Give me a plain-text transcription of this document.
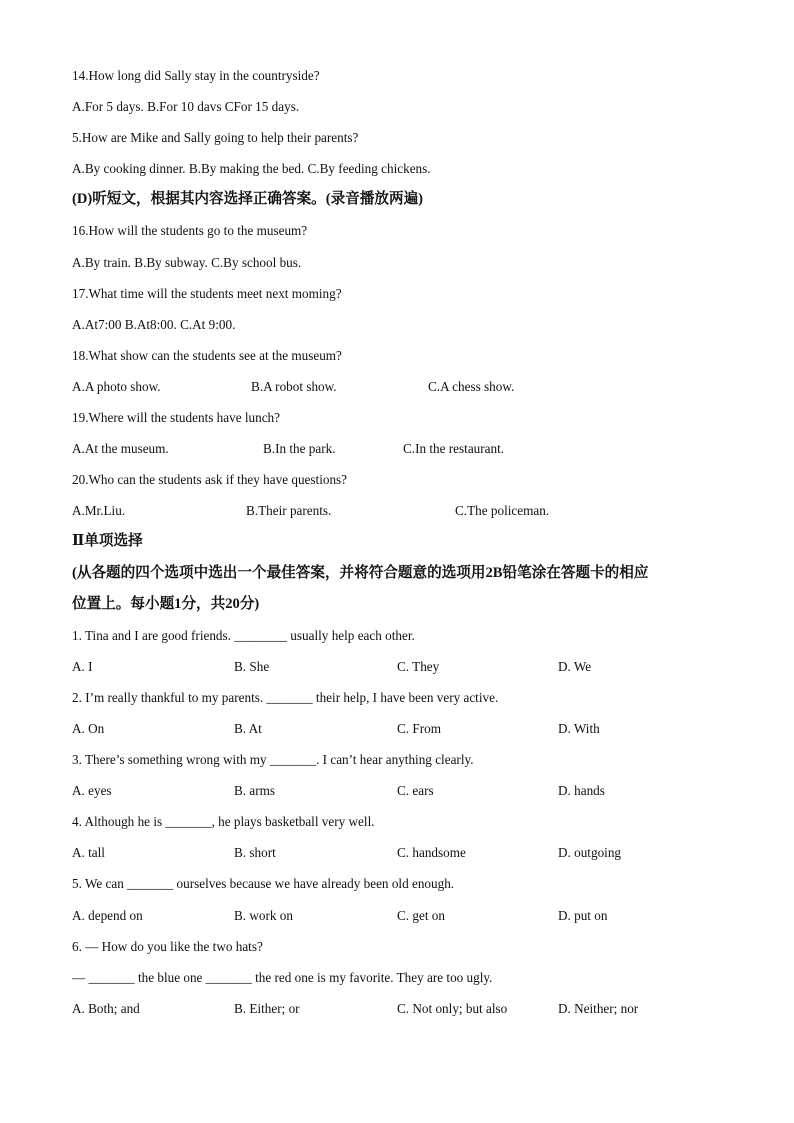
14.How long did Sally stay in the countryside?
A.For 5 days. B.For 10 davs CFor 15 days.
5.How are Mike and Sally going to help their parents?
A.By cooking dinner. B.By making the bed. C.By feeding chickens.
(D)听短文，根据其内容选择正确答案。(录音播放两遍)
16.How will the students go to the museum?
A.By train. B.By subway. C.By school bus.
17.What time will the students meet next moming?
A.At7:00 B.At8:00. C.At 9:00.
18.What show can the students see at the museum?
A.A photo show.	B.A robot show.	C.A chess show.
19.Where will the students have lunch?
A.At the museum.	B.In the park.	C.In the restaurant.
20.Who can the students ask if they have questions?
A.Mr.Liu.	B.Their parents.	C.The policeman.
Ⅱ单项选择
(从各题的四个选项中选出一个最佳答案，并将符合题意的选项用2B铅笔涂在答题卡的相应
位置上。每小题1分，共20分)
1. Tina and I are good friends. ________ usually help each other.
A. I	B. She	C. They	D. We
2. I’m really thankful to my parents. _______ their help, I have been very active.
A. On	B. At	C. From	D. With
3. There’s something wrong with my _______. I can’t hear anything clearly.
A. eyes	B. arms	C. ears	D. hands
4. Although he is _______, he plays basketball very well.
A. tall	B. short	C. handsome	D. outgoing
5. We can _______ ourselves because we have already been old enough.
A. depend on	B. work on	C. get on	D. put on
6. — How do you like the two hats?
— _______ the blue one _______ the red one is my favorite. They are too ugly.
A. Both; and	B. Either; or	C. Not only; but also	D. Neither; nor
